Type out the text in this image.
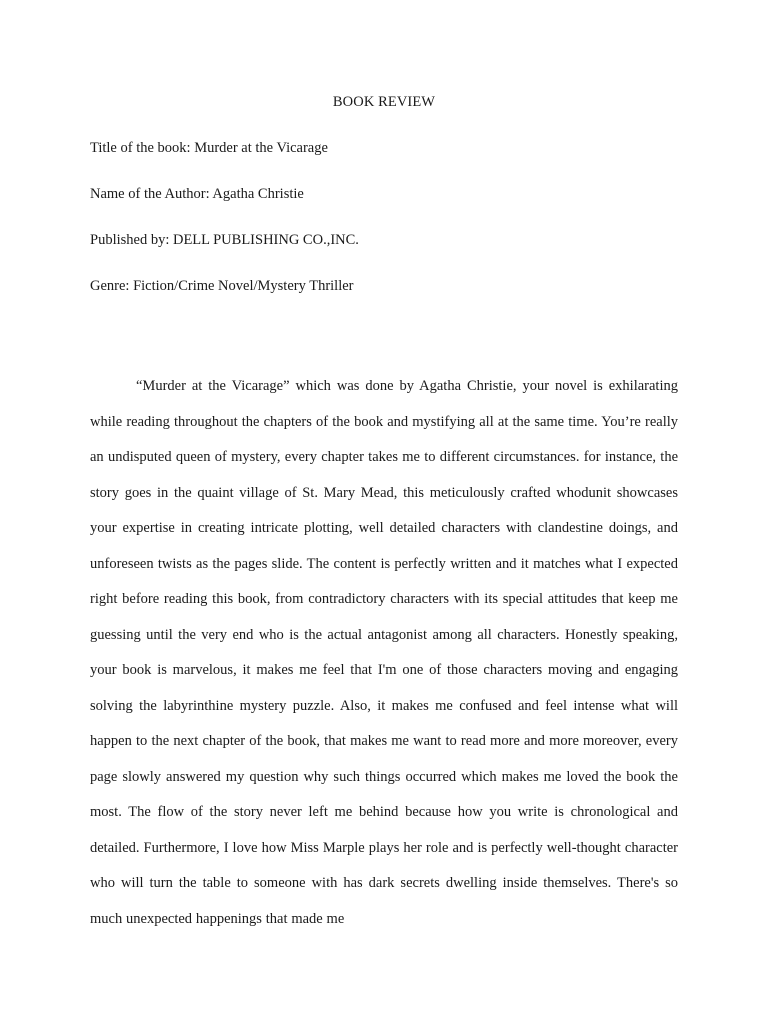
BOOK REVIEW
Title of the book: Murder at the Vicarage
Name of the Author: Agatha Christie
Published by: DELL PUBLISHING CO.,INC.
Genre: Fiction/Crime Novel/Mystery Thriller

“Murder at the Vicarage” which was done by Agatha Christie, your novel is exhilarating while reading throughout the chapters of the book and mystifying all at the same time. You’re really an undisputed queen of mystery, every chapter takes me to different circumstances. for instance, the story goes in the quaint village of St. Mary Mead, this meticulously crafted whodunit showcases your expertise in creating intricate plotting, well detailed characters with clandestine doings, and unforeseen twists as the pages slide. The content is perfectly written and it matches what I expected right before reading this book, from contradictory characters with its special attitudes that keep me guessing until the very end who is the actual antagonist among all characters. Honestly speaking, your book is marvelous, it makes me feel that I'm one of those characters moving and engaging solving the labyrinthine mystery puzzle. Also, it makes me confused and feel intense what will happen to the next chapter of the book, that makes me want to read more and more moreover, every page slowly answered my question why such things occurred which makes me loved the book the most. The flow of the story never left me behind because how you write is chronological and detailed. Furthermore, I love how Miss Marple plays her role and is perfectly well-thought character who will turn the table to someone with has dark secrets dwelling inside themselves. There's so much unexpected happenings that made me
